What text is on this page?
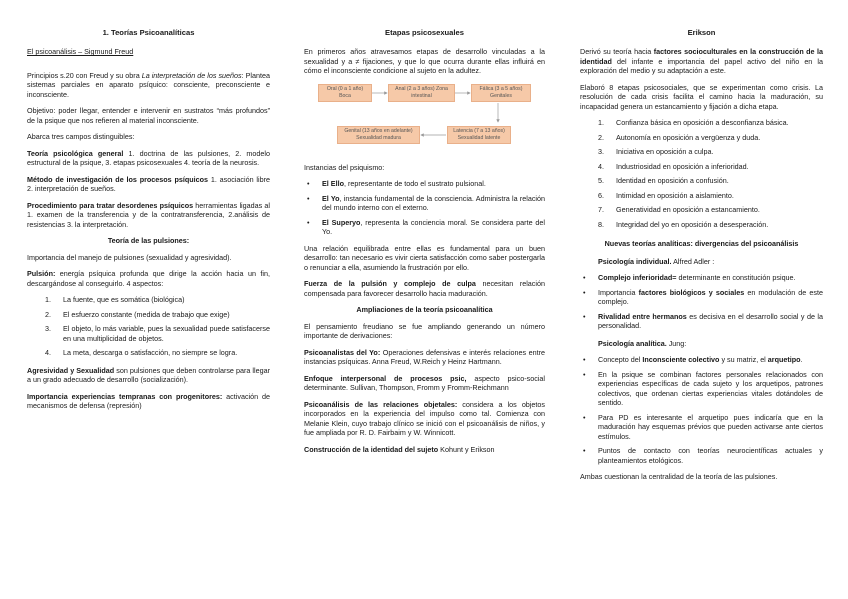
1. Teorías Psicoanalíticas

El psicoanálisis – Sigmund Freud

Principios s.20 con Freud y su obra La interpretación de los sueños: Plantea sistemas parciales en aparato psíquico: consciente, preconsciente e inconsciente.

Objetivo: poder llegar, entender e intervenir en sustratos “más profundos” de la psique que nos refieren al material inconsciente.

Abarca tres campos distinguibles:

Teoría psicológica general 1. doctrina de las pulsiones, 2. modelo estructural de la psique, 3. etapas psicosexuales 4. teoría de la neurosis.

Método de investigación de los procesos psíquicos 1. asociación libre 2. interpretación de sueños.

Procedimiento para tratar desordenes psíquicos herramientas ligadas al 1. examen de la transferencia y de la contratransferencia, 2.análisis de resistencias 3. la interpretación.

Teoría de las pulsiones:

Importancia del manejo de pulsiones (sexualidad y agresividad).

Pulsión: energía psíquica profunda que dirige la acción hacia un fin, descargándose al conseguirlo. 4 aspectos:

1. La fuente, que es somática (biológica)
2. El esfuerzo constante (medida de trabajo que exige)
3. El objeto, lo más variable, pues la sexualidad puede satisfacerse en una multiplicidad de objetos.
4. La meta, descarga o satisfacción, no siempre se logra.

Agresividad y Sexualidad son pulsiones que deben controlarse para llegar a un grado adecuado de desarrollo (socialización).

Importancia experiencias tempranas con progenitores: activación de mecanismos de defensa (represión)

Etapas psicosexuales

En primeros años atravesamos etapas de desarrollo vinculadas a la sexualidad y a ≠ fijaciones, y que lo que ocurra durante ellas influirá en cómo el inconsciente condicione al sujeto en la adultez.

Oral (0 a 1 año) Boca
Anal (2 a 3 años) Zona intestinal
Fálica (3 a 5 años) Genitales
Genital (13 años en adelante) Sexualidad madura
Latencia (7 a 13 años) Sexualidad latente

Instancias del psiquismo:

• El Ello, representante de todo el sustrato pulsional.
• El Yo, instancia fundamental de la consciencia. Administra la relación del mundo interno con el externo.
• El Superyo, representa la conciencia moral. Se considera parte del Yo.

Una relación equilibrada entre ellas es fundamental para un buen desarrollo: tan necesario es vivir cierta satisfacción como saber postergarla o renunciar a ella, asumiendo la frustración por ello.

Fuerza de la pulsión y complejo de culpa necesitan relación compensada para favorecer desarrollo hacia maduración.

Ampliaciones de la teoría psicoanalítica

El pensamiento freudiano se fue ampliando generando un número importante de derivaciones:

Psicoanalistas del Yo: Operaciones defensivas e interés relaciones entre instancias psíquicas. Anna Freud, W.Reich y Heinz Hartmann.

Enfoque interpersonal de procesos psic, aspecto psico-social determinante. Sullivan, Thompson, Fromm y Fromm-Reichmann

Psicoanálisis de las relaciones objetales: considera a los objetos incorporados en la experiencia del impulso como tal. Comienza con Melanie Klein, cuyo trabajo clínico se inició con el psicoanálisis de niños, y fue ampliada por R. D. Fairbaim y W. Winnicott.

Construcción de la identidad del sujeto Kohunt y Erikson

Erikson

Derivó su teoría hacia factores socioculturales en la construcción de la identidad del infante e importancia del papel activo del niño en la exploración del medio y su adaptación a este.

Elaboró 8 etapas psicosociales, que se experimentan como crisis. La resolución de cada crisis facilita el camino hacia la maduración, su incapacidad genera un estancamiento y fijación a dicha etapa.

1. Confianza básica en oposición a desconfianza básica.
2. Autonomía en oposición a vergüenza y duda.
3. Iniciativa en oposición a culpa.
4. Industriosidad en oposición a inferioridad.
5. Identidad en oposición a confusión.
6. Intimidad en oposición a aislamiento.
7. Generatividad en oposición a estancamiento.
8. Integridad del yo en oposición a desesperación.
Nuevas teorías analíticas: divergencias del psicoanálisis
Psicología individual. Alfred Adler :
• Complejo inferioridad= determinante en constitución psique.
• Importancia factores biológicos y sociales en modulación de este complejo.
• Rivalidad entre hermanos es decisiva en el desarrollo social y de la personalidad.
Psicología analítica. Jung:
• Concepto del Inconsciente colectivo y su matriz, el arquetipo.
• En la psique se combinan factores personales relacionados con experiencias específicas de cada sujeto y los arquetipos, patrones colectivos, que ordenan ciertas experiencias vitales dotándoles de sentido.
• Para PD es interesante el arquetipo pues indicaría que en la maduración hay esquemas prévios que pueden activarse ante ciertos estímulos.
• Puntos de contacto con teorías neurocientíficas actuales y planteamientos etológicos.

Ambas cuestionan la centralidad de la teoría de las pulsiones.
